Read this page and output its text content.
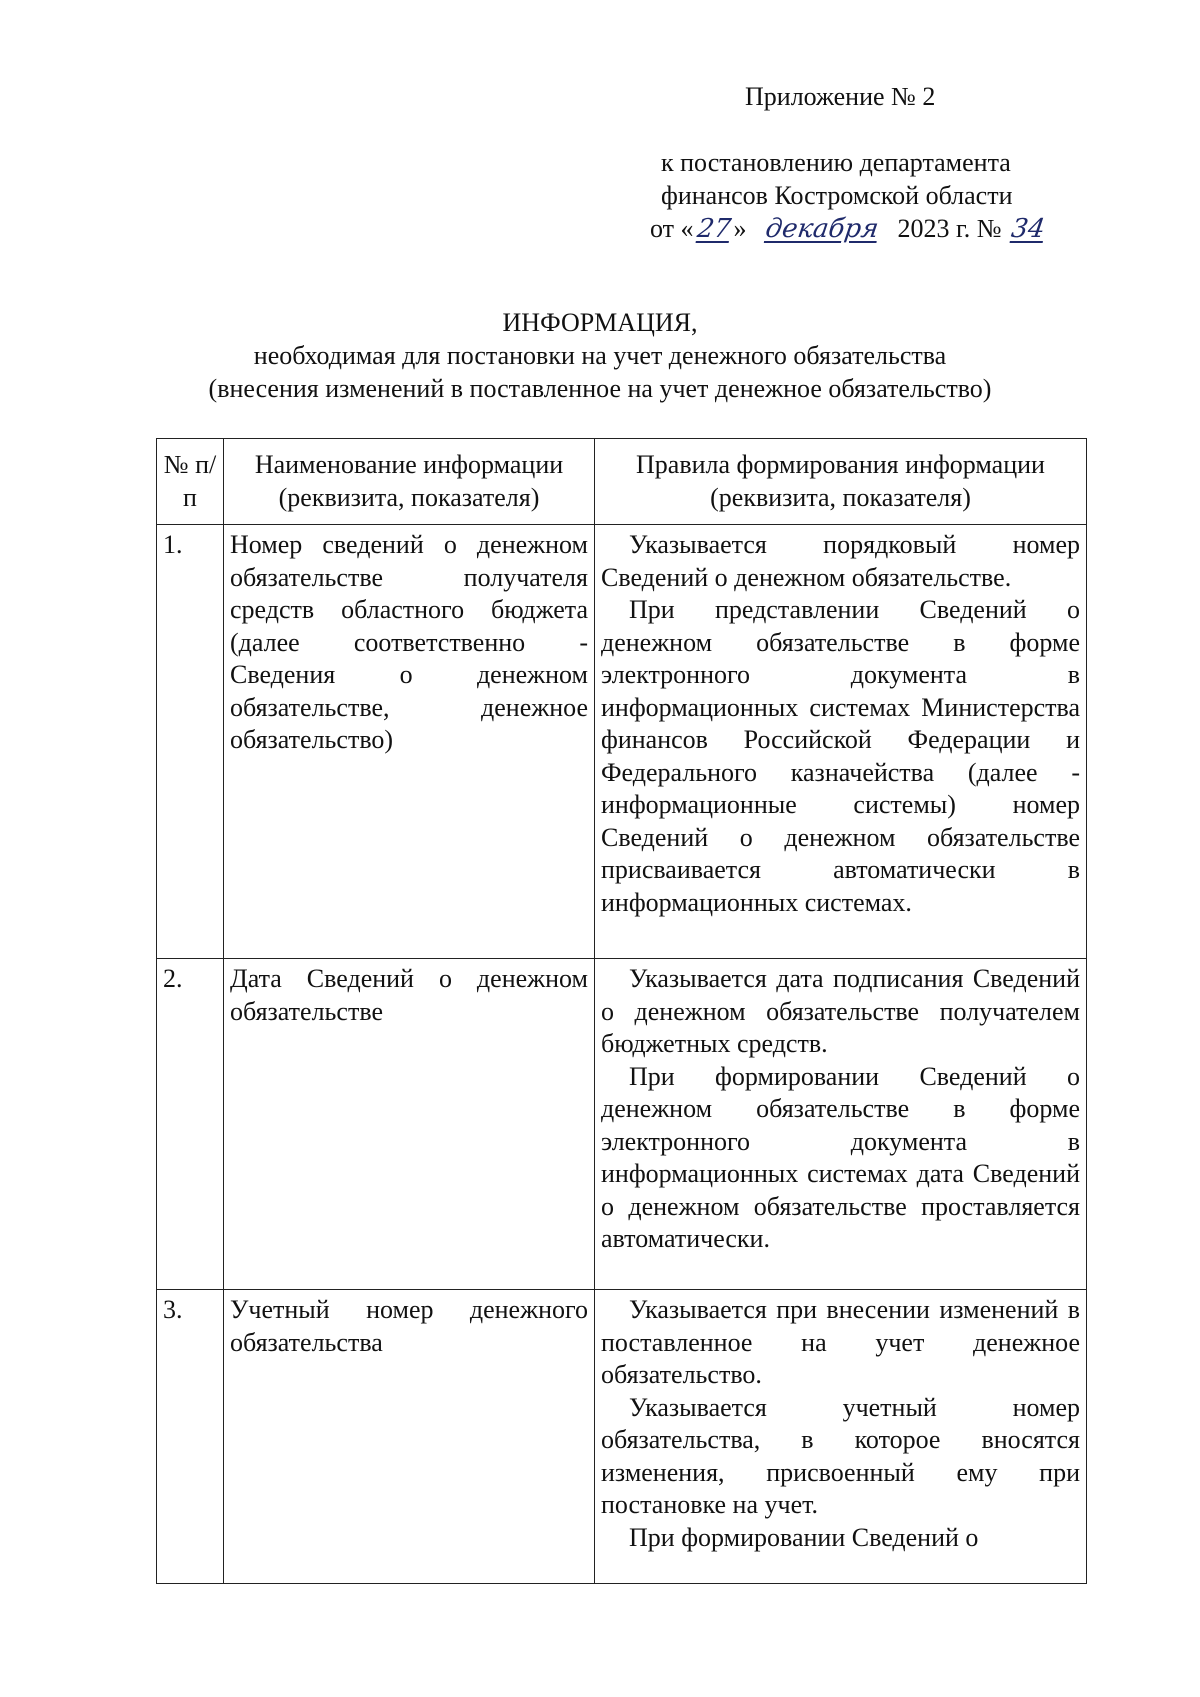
Приложение № 2
к постановлению департамента
финансов Костромской области
от «27» декабря 2023 г. № 34
ИНФОРМАЦИЯ,
необходимая для постановки на учет денежного обязательства
(внесения изменений в поставленное на учет денежное обязательство)
№ п/п	Наименование информации (реквизита, показателя)	Правила формирования информации (реквизита, показателя)
1.	Номер сведений о денежном обязательстве получателя средств областного бюджета (далее соответственно - Сведения о денежном обязательстве, денежное обязательство)	Указывается порядковый номер Сведений о денежном обязательстве.

При представлении Сведений о денежном обязательстве в форме электронного документа в информационных системах Министерства финансов Российской Федерации и Федерального казначейства (далее - информационные системы) номер Сведений о денежном обязательстве присваивается автоматически в информационных системах.

2.	Дата Сведений о денежном обязательстве	Указывается дата подписания Сведений о денежном обязательстве получателем бюджетных средств.

При формировании Сведений о денежном обязательстве в форме электронного документа в информационных системах дата Сведений о денежном обязательстве проставляется автоматически.

3.	Учетный номер денежного обязательства	Указывается при внесении изменений в поставленное на учет денежное обязательство.

Указывается учетный номер обязательства, в которое вносятся изменения, присвоенный ему при постановке на учет.

При формировании Сведений о
